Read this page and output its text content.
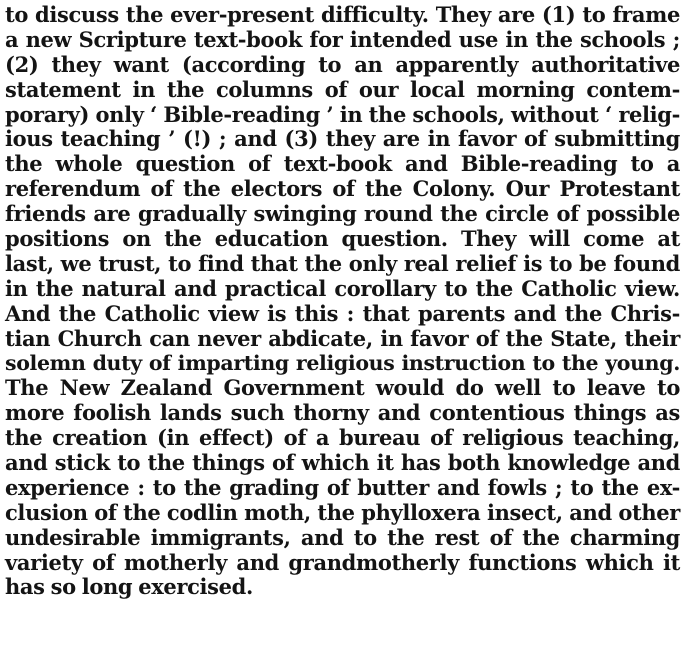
to discuss the ever-present difficulty. They are (1) to frame
a new Scripture text-book for intended use in the schools ;
(2) they want (according to an apparently authoritative
statement in the columns of our local morning contem-
porary) only ‘ Bible-reading ’ in the schools, without ‘ relig-
ious teaching ’ (!) ; and (3) they are in favor of submitting
the whole question of text-book and Bible-reading to a
referendum of the electors of the Colony. Our Protestant
friends are gradually swinging round the circle of possible
positions on the education question. They will come at
last, we trust, to find that the only real relief is to be found
in the natural and practical corollary to the Catholic view.
And the Catholic view is this : that parents and the Chris-
tian Church can never abdicate, in favor of the State, their
solemn duty of imparting religious instruction to the young.
The New Zealand Government would do well to leave to
more foolish lands such thorny and contentious things as
the creation (in effect) of a bureau of religious teaching,
and stick to the things of which it has both knowledge and
experience : to the grading of butter and fowls ; to the ex-
clusion of the codlin moth, the phylloxera insect, and other
undesirable immigrants, and to the rest of the charming
variety of motherly and grandmotherly functions which it
has so long exercised.
